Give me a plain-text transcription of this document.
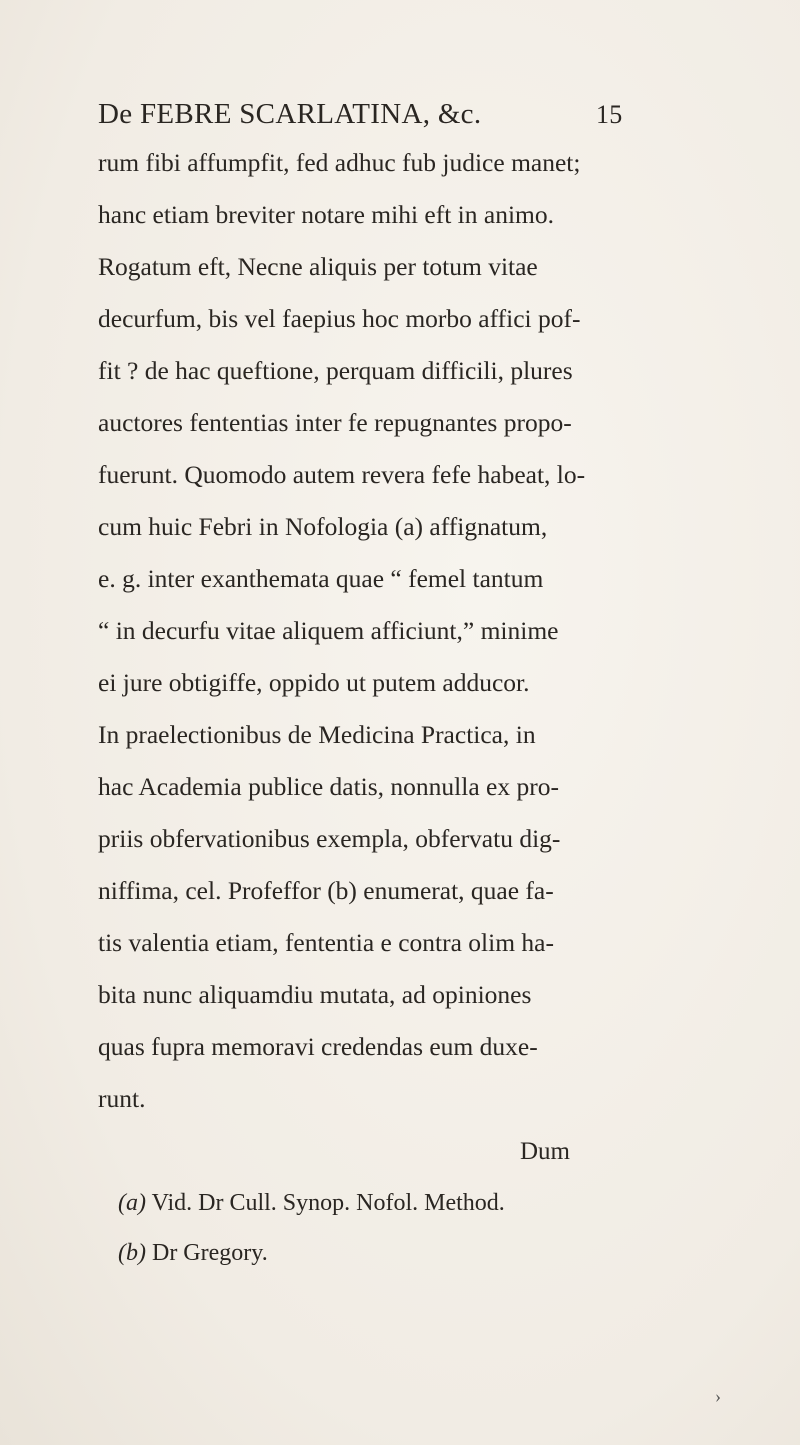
De FEBRE SCARLATINA, &c.	15
rum fibi affumpfit, fed adhuc fub judice manet;
hanc etiam breviter notare mihi eft in animo.
Rogatum eft, Necne aliquis per totum vitae
decurfum, bis vel faepius hoc morbo affici pof-
fit ? de hac queftione, perquam difficili, plures
auctores fententias inter fe repugnantes propo-
fuerunt. Quomodo autem revera fefe habeat, lo-
cum huic Febri in Nofologia (a) affignatum,
e. g. inter exanthemata quae “ femel tantum
“ in decurfu vitae aliquem afficiunt,” minime
ei jure obtigiffe, oppido ut putem adducor.
In praelectionibus de Medicina Practica, in
hac Academia publice datis, nonnulla ex pro-
priis obfervationibus exempla, obfervatu dig-
niffima, cel. Profeffor (b) enumerat, quae fa-
tis valentia etiam, fententia e contra olim ha-
bita nunc aliquamdiu mutata, ad opiniones
quas fupra memoravi credendas eum duxe-
runt.
Dum
(a) Vid. Dr Cull. Synop. Nofol. Method.
(b) Dr Gregory.
›
